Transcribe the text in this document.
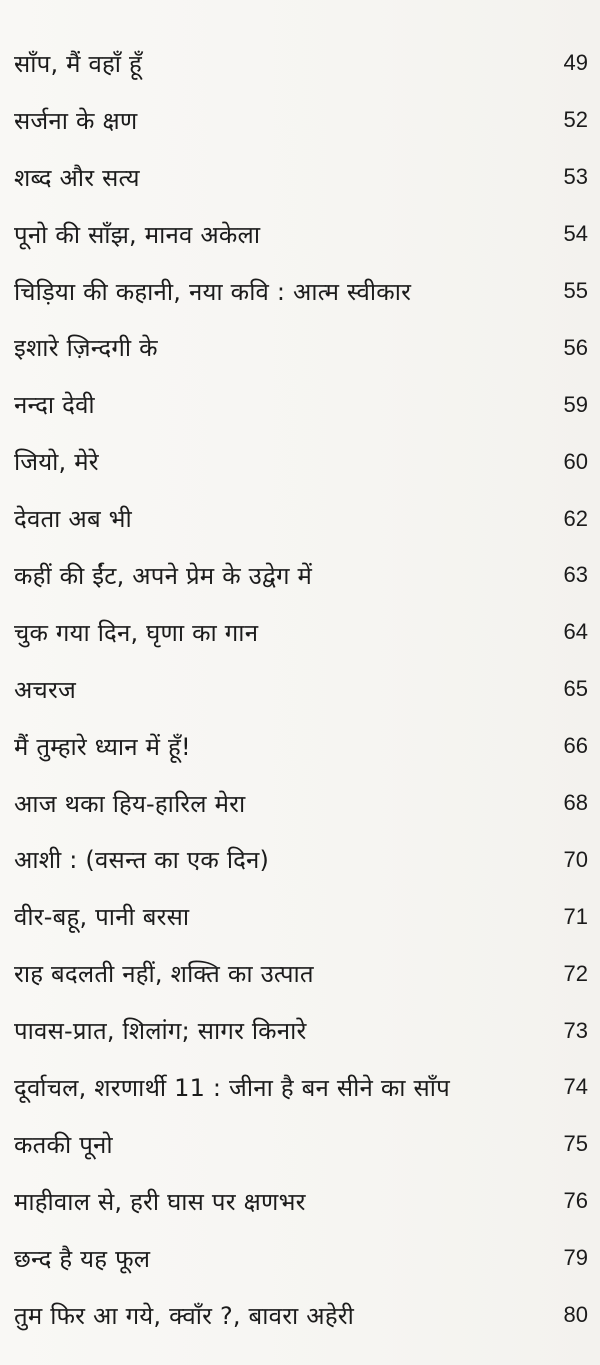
साँप, मैं वहाँ हूँ	49
सर्जना के क्षण	52
शब्द और सत्य	53
पूनो की साँझ, मानव अकेला	54
चिड़िया की कहानी, नया कवि : आत्म स्वीकार	55
इशारे ज़िन्दगी के	56
नन्दा देवी	59
जियो, मेरे	60
देवता अब भी	62
कहीं की ईंट, अपने प्रेम के उद्वेग में	63
चुक गया दिन, घृणा का गान	64
अचरज	65
मैं तुम्हारे ध्यान में हूँ!	66
आज थका हिय-हारिल मेरा	68
आशी : (वसन्त का एक दिन)	70
वीर-बहू, पानी बरसा	71
राह बदलती नहीं, शक्ति का उत्पात	72
पावस-प्रात, शिलांग; सागर किनारे	73
दूर्वाचल, शरणार्थी 11 : जीना है बन सीने का साँप	74
कतकी पूनो	75
माहीवाल से, हरी घास पर क्षणभर	76
छन्द है यह फूल	79
तुम फिर आ गये, क्वाँर ?, बावरा अहेरी	80
